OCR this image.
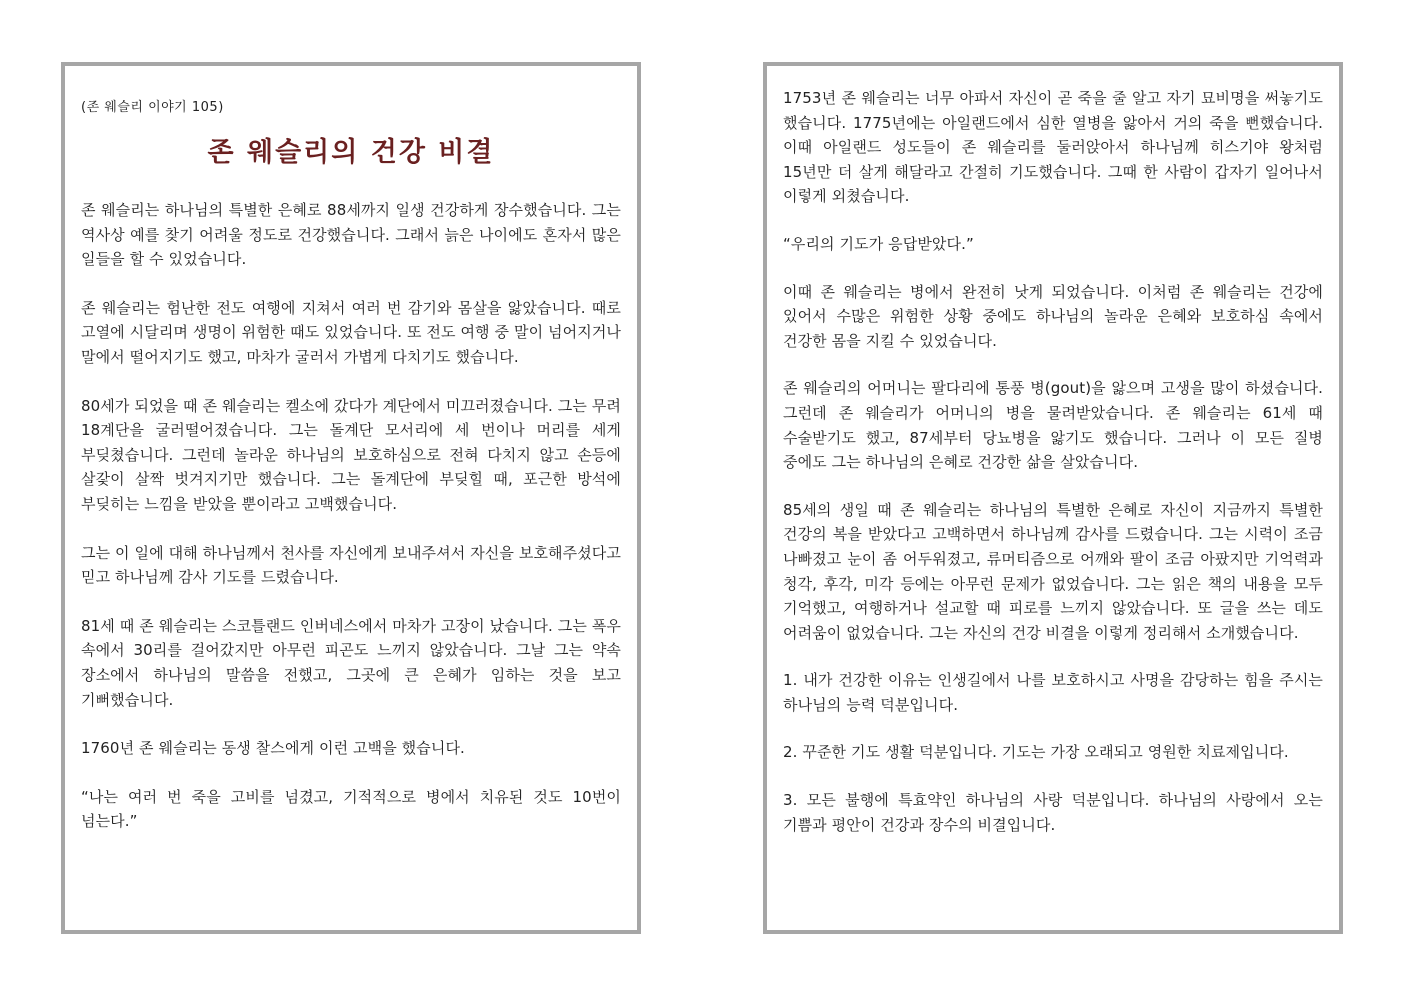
(존 웨슬리 이야기 105)
존 웨슬리의 건강 비결

존 웨슬리는 하나님의 특별한 은혜로 88세까지 일생 건강하게 장수했습니다. 그는 역사상 예를 찾기 어려울 정도로 건강했습니다. 그래서 늙은 나이에도 혼자서 많은 일들을 할 수 있었습니다.

존 웨슬리는 험난한 전도 여행에 지쳐서 여러 번 감기와 몸살을 앓았습니다. 때로 고열에 시달리며 생명이 위험한 때도 있었습니다. 또 전도 여행 중 말이 넘어지거나 말에서 떨어지기도 했고, 마차가 굴러서 가볍게 다치기도 했습니다.

80세가 되었을 때 존 웨슬리는 켈소에 갔다가 계단에서 미끄러졌습니다. 그는 무려 18계단을 굴러떨어졌습니다. 그는 돌계단 모서리에 세 번이나 머리를 세게 부딪쳤습니다. 그런데 놀라운 하나님의 보호하심으로 전혀 다치지 않고 손등에 살갗이 살짝 벗겨지기만 했습니다. 그는 돌계단에 부딪힐 때, 포근한 방석에 부딪히는 느낌을 받았을 뿐이라고 고백했습니다.

그는 이 일에 대해 하나님께서 천사를 자신에게 보내주셔서 자신을 보호해주셨다고 믿고 하나님께 감사 기도를 드렸습니다.

81세 때 존 웨슬리는 스코틀랜드 인버네스에서 마차가 고장이 났습니다. 그는 폭우 속에서 30리를 걸어갔지만 아무런 피곤도 느끼지 않았습니다. 그날 그는 약속 장소에서 하나님의 말씀을 전했고, 그곳에 큰 은혜가 임하는 것을 보고 기뻐했습니다.

1760년 존 웨슬리는 동생 찰스에게 이런 고백을 했습니다.

“나는 여러 번 죽을 고비를 넘겼고, 기적적으로 병에서 치유된 것도 10번이 넘는다.”

1753년 존 웨슬리는 너무 아파서 자신이 곧 죽을 줄 알고 자기 묘비명을 써놓기도 했습니다. 1775년에는 아일랜드에서 심한 열병을 앓아서 거의 죽을 뻔했습니다. 이때 아일랜드 성도들이 존 웨슬리를 둘러앉아서 하나님께 히스기야 왕처럼 15년만 더 살게 해달라고 간절히 기도했습니다. 그때 한 사람이 갑자기 일어나서 이렇게 외쳤습니다.

“우리의 기도가 응답받았다.”

이때 존 웨슬리는 병에서 완전히 낫게 되었습니다. 이처럼 존 웨슬리는 건강에 있어서 수많은 위험한 상황 중에도 하나님의 놀라운 은혜와 보호하심 속에서 건강한 몸을 지킬 수 있었습니다.

존 웨슬리의 어머니는 팔다리에 통풍 병(gout)을 앓으며 고생을 많이 하셨습니다. 그런데 존 웨슬리가 어머니의 병을 물려받았습니다. 존 웨슬리는 61세 때 수술받기도 했고, 87세부터 당뇨병을 앓기도 했습니다. 그러나 이 모든 질병 중에도 그는 하나님의 은혜로 건강한 삶을 살았습니다.

85세의 생일 때 존 웨슬리는 하나님의 특별한 은혜로 자신이 지금까지 특별한 건강의 복을 받았다고 고백하면서 하나님께 감사를 드렸습니다. 그는 시력이 조금 나빠졌고 눈이 좀 어두워졌고, 류머티즘으로 어깨와 팔이 조금 아팠지만 기억력과 청각, 후각, 미각 등에는 아무런 문제가 없었습니다. 그는 읽은 책의 내용을 모두 기억했고, 여행하거나 설교할 때 피로를 느끼지 않았습니다. 또 글을 쓰는 데도 어려움이 없었습니다. 그는 자신의 건강 비결을 이렇게 정리해서 소개했습니다.

1. 내가 건강한 이유는 인생길에서 나를 보호하시고 사명을 감당하는 힘을 주시는 하나님의 능력 덕분입니다.

2. 꾸준한 기도 생활 덕분입니다. 기도는 가장 오래되고 영원한 치료제입니다.

3. 모든 불행에 특효약인 하나님의 사랑 덕분입니다. 하나님의 사랑에서 오는 기쁨과 평안이 건강과 장수의 비결입니다.
